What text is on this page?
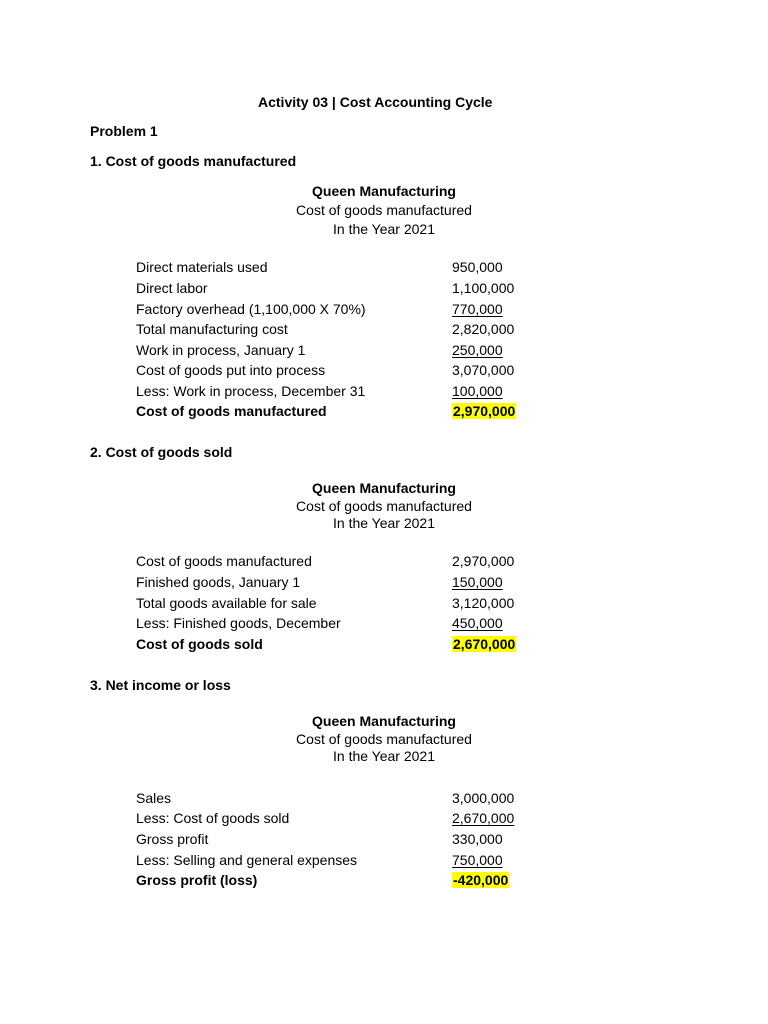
Activity 03 | Cost Accounting Cycle
Problem 1
1. Cost of goods manufactured
Queen Manufacturing
Cost of goods manufactured
In the Year 2021
Direct materials used	950,000
Direct labor	1,100,000
Factory overhead (1,100,000 X 70%)	770,000
Total manufacturing cost	2,820,000
Work in process, January 1	250,000
Cost of goods put into process	3,070,000
Less: Work in process, December 31	100,000
Cost of goods manufactured	2,970,000
2. Cost of goods sold
Queen Manufacturing
Cost of goods manufactured
In the Year 2021
Cost of goods manufactured	2,970,000
Finished goods, January 1	150,000
Total goods available for sale	3,120,000
Less: Finished goods, December	450,000
Cost of goods sold	2,670,000
3. Net income or loss
Queen Manufacturing
Cost of goods manufactured
In the Year 2021
Sales	3,000,000
Less: Cost of goods sold	2,670,000
Gross profit	330,000
Less: Selling and general expenses	750,000
Gross profit (loss)	-420,000
